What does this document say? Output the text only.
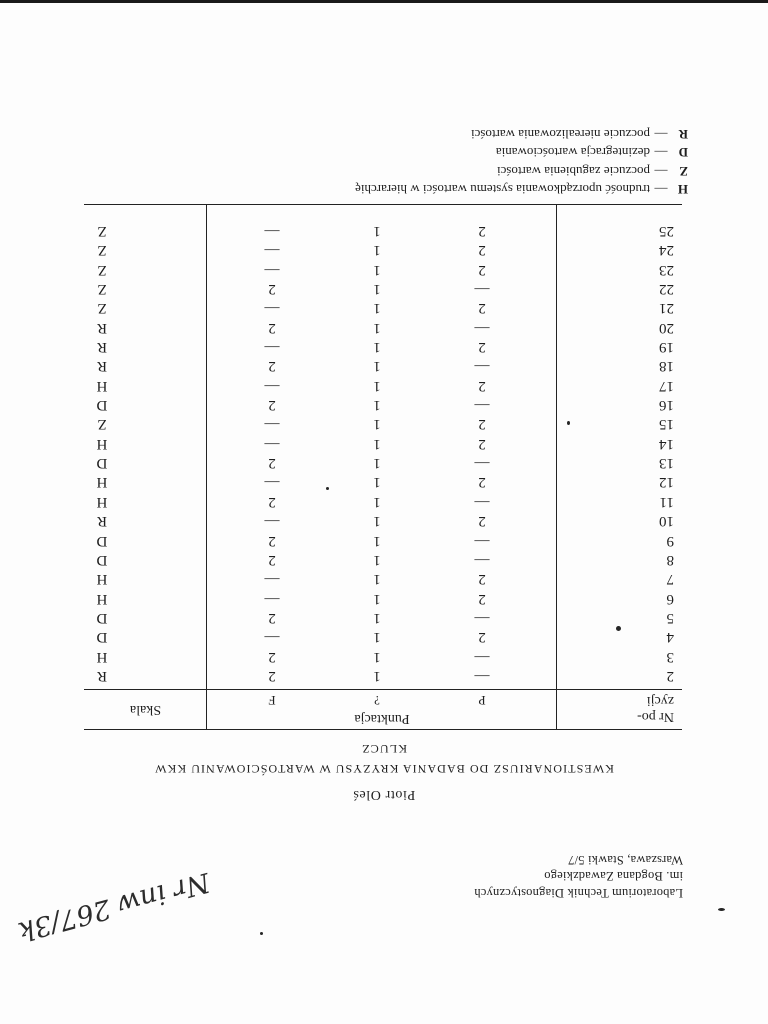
Laboratorium Technik Diagnostycznych
im. Bogdana Zawadzkiego
Warszawa, Stawki 5/7
Nr inw 267/3k
Piotr Oleś
KWESTIONARIUSZ DO BADANIA KRYZYSU W WARTOŚCIOWANIU KKW
KLUCZ
Nr po-
zycji
Punktacja
P
?
F
Skala
2
—
1
2
R
3
—
1
2
H
4
2
1
—
D
5
—
1
2
D
6
2
1
—
H
7
2
1
—
H
8
—
1
2
D
9
—
1
2
D
10
2
1
—
R
11
—
1
2
H
12
2
1
—
H
13
—
1
2
D
14
2
1
—
H
15
2
1
—
Z
16
—
1
2
D
17
2
1
—
H
18
—
1
2
R
19
2
1
—
R
20
—
1
2
R
21
2
1
—
Z
22
—
1
2
Z
23
2
1
—
Z
24
2
1
—
Z
25
2
1
—
Z
H—trudność uporządkowania systemu wartości w hierarchię
Z—poczucie zagubienia wartości
D—dezintegracja wartościowania
R—poczucie nierealizowania wartości
